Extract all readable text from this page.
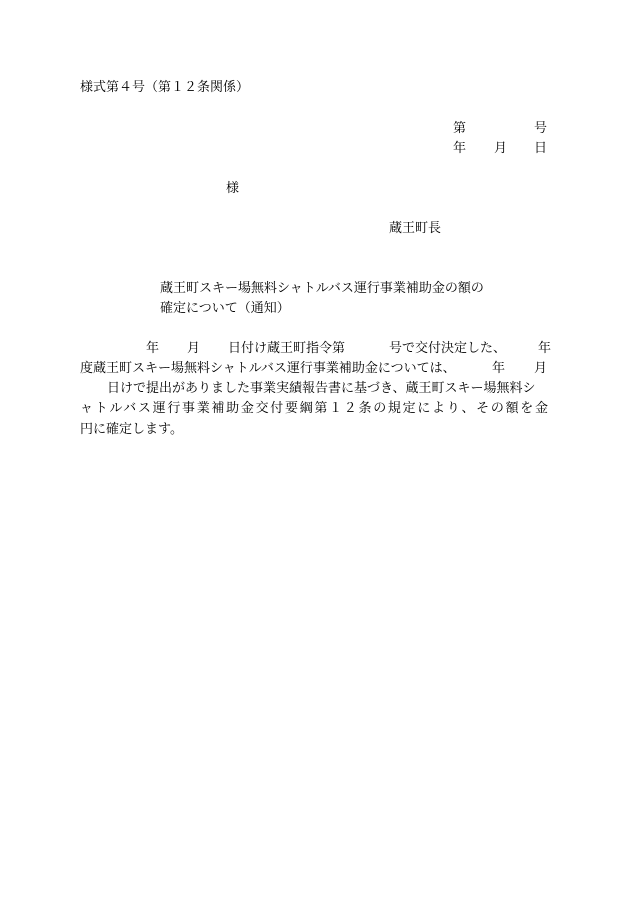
様式第４号（第１２条関係）
第	号
年 月 日
様
蔵王町長
蔵王町スキー場無料シャトルバス運行事業補助金の額の
確定について（通知）
年 月 日付け蔵王町指令第	号で交付決定した、 年
度蔵王町スキー場無料シャトルバス運行事業補助金については、	年 月
日けで提出がありました事業実績報告書に基づき、蔵王町スキー場無料シ
ャトルバス運行事業補助金交付要綱第１２条の規定により、その額を金
円に確定します。
